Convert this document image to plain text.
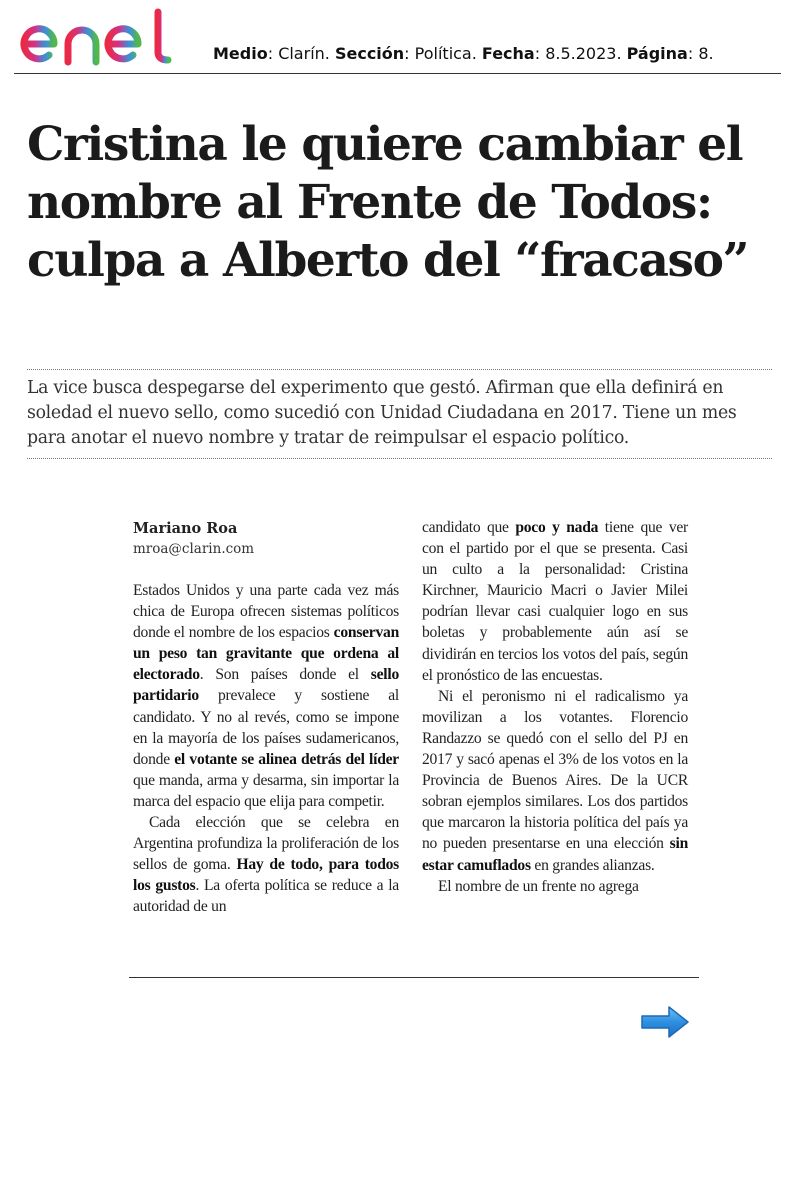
Medio: Clarín. Sección: Política. Fecha: 8.5.2023. Página: 8.
Cristina le quiere cambiar el nombre al Frente de Todos: culpa a Alberto del “fracaso”

La vice busca despegarse del experimento que gestó. Afirman que ella definirá en soledad el nuevo sello, como sucedió con Unidad Ciudadana en 2017. Tiene un mes para anotar el nuevo nombre y tratar de reimpulsar el espacio político.

Mariano Roa
mroa@clarin.com

Estados Unidos y una parte cada vez más chica de Europa ofrecen sistemas políticos donde el nombre de los espacios conservan un peso tan gravitante que ordena al electorado. Son países donde el sello partidario prevalece y sostiene al candidato. Y no al revés, como se impone en la mayoría de los países sudamericanos, donde el votante se alinea detrás del líder que manda, arma y desarma, sin importar la marca del espacio que elija para competir.

Cada elección que se celebra en Argentina profundiza la proliferación de los sellos de goma. Hay de todo, para todos los gustos. La oferta política se reduce a la autoridad de un

candidato que poco y nada tiene que ver con el partido por el que se presenta. Casi un culto a la personalidad: Cristina Kirchner, Mauricio Macri o Javier Milei podrían llevar casi cualquier logo en sus boletas y probablemente aún así se dividirán en tercios los votos del país, según el pronóstico de las encuestas.

Ni el peronismo ni el radicalismo ya movilizan a los votantes. Florencio Randazzo se quedó con el sello del PJ en 2017 y sacó apenas el 3% de los votos en la Provincia de Buenos Aires. De la UCR sobran ejemplos similares. Los dos partidos que marcaron la historia política del país ya no pueden presentarse en una elección sin estar camuflados en grandes alianzas.

El nombre de un frente no agrega
